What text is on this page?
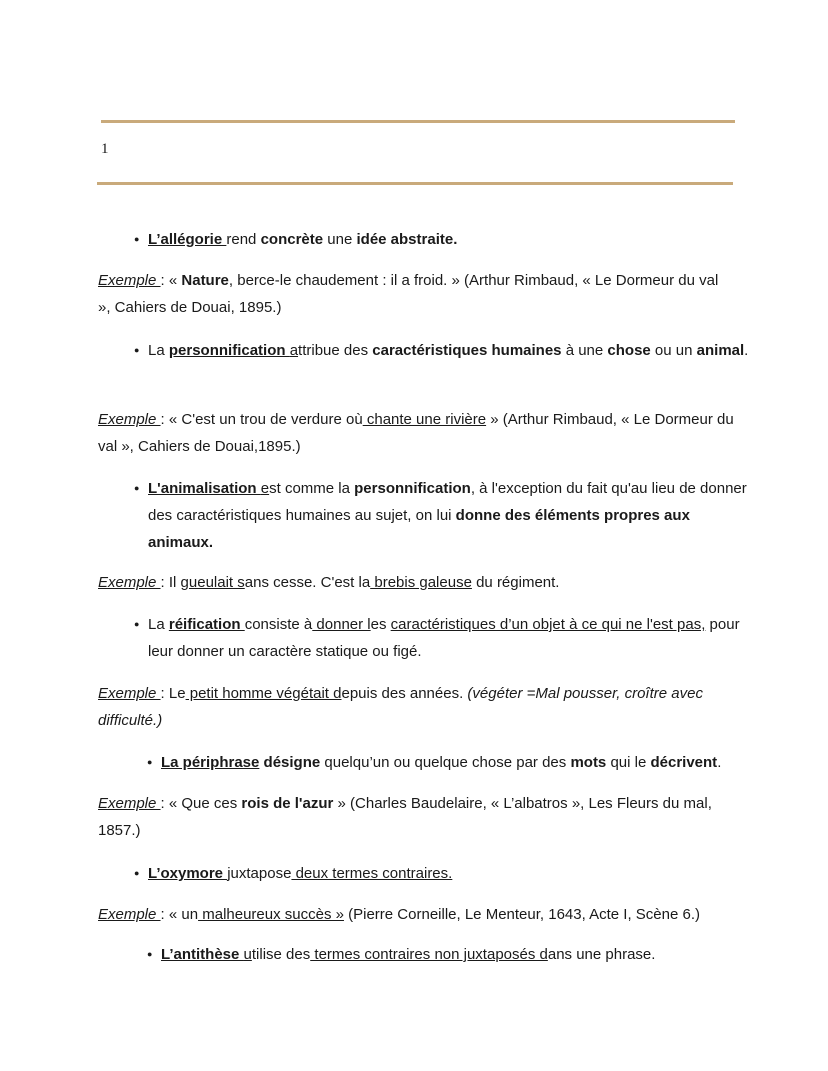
1
● L’allégorie rend concrète une idée abstraite.
Exemple : « Nature, berce-le chaudement : il a froid. » (Arthur Rimbaud, « Le Dormeur du val », Cahiers de Douai, 1895.)
● La personnification attribue des caractéristiques humaines à une chose ou un animal.
Exemple : « C'est un trou de verdure où chante une rivière » (Arthur Rimbaud, « Le Dormeur du val », Cahiers de Douai,1895.)
● L'animalisation est comme la personnification, à l'exception du fait qu'au lieu de donner des caractéristiques humaines au sujet, on lui donne des éléments propres aux animaux.
Exemple : Il gueulait sans cesse. C'est la brebis galeuse du régiment.
● La réification consiste à donner les caractéristiques d’un objet à ce qui ne l'est pas, pour leur donner un caractère statique ou figé.
Exemple : Le petit homme végétait depuis des années. (végéter =Mal pousser, croître avec difficulté.)
● La périphrase désigne quelqu’un ou quelque chose par des mots qui le décrivent.
Exemple : « Que ces rois de l'azur » (Charles Baudelaire, « L’albatros », Les Fleurs du mal, 1857.)
● L’oxymore juxtapose deux termes contraires.
Exemple : « un malheureux succès » (Pierre Corneille, Le Menteur, 1643, Acte I, Scène 6.)
● L’antithèse utilise des termes contraires non juxtaposés dans une phrase.
